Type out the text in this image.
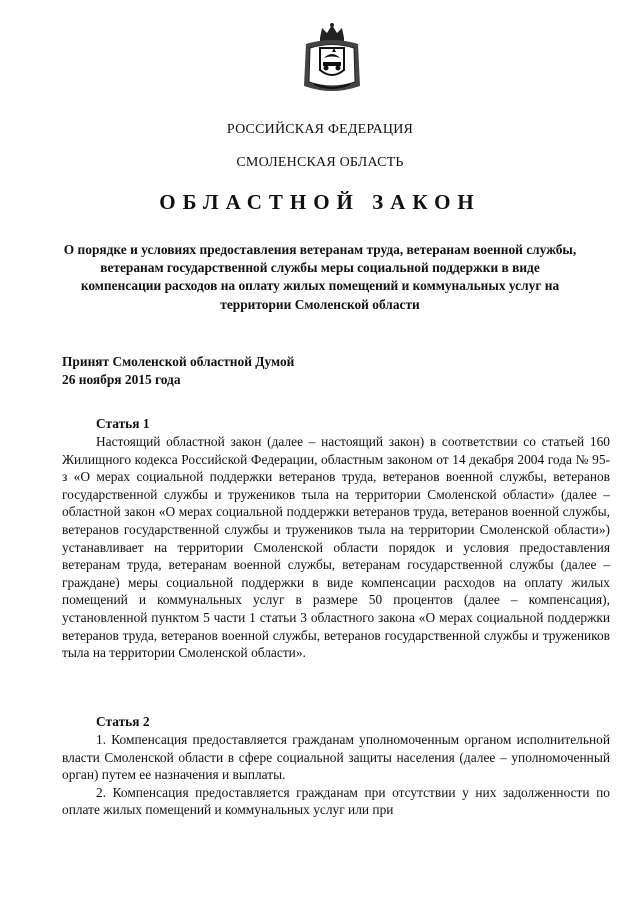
РОССИЙСКАЯ ФЕДЕРАЦИЯ
СМОЛЕНСКАЯ ОБЛАСТЬ
ОБЛАСТНОЙ ЗАКОН
О порядке и условиях предоставления ветеранам труда, ветеранам военной службы, ветеранам государственной службы меры социальной поддержки в виде компенсации расходов на оплату жилых помещений и коммунальных услуг на территории Смоленской области
Принят Смоленской областной Думой
26 ноября 2015 года
Статья 1

Настоящий областной закон (далее – настоящий закон) в соответствии со статьей 160 Жилищного кодекса Российской Федерации, областным законом от 14 декабря 2004 года № 95-з «О мерах социальной поддержки ветеранов труда, ветеранов военной службы, ветеранов государственной службы и тружеников тыла на территории Смоленской области» (далее – областной закон «О мерах социальной поддержки ветеранов труда, ветеранов военной службы, ветеранов государственной службы и тружеников тыла на территории Смоленской области») устанавливает на территории Смоленской области порядок и условия предоставления ветеранам труда, ветеранам военной службы, ветеранам государственной службы (далее – граждане) меры социальной поддержки в виде компенсации расходов на оплату жилых помещений и коммунальных услуг в размере 50 процентов (далее – компенсация), установленной пунктом 5 части 1 статьи 3 областного закона «О мерах социальной поддержки ветеранов труда, ветеранов военной службы, ветеранов государственной службы и тружеников тыла на территории Смоленской области».

Статья 2

1. Компенсация предоставляется гражданам уполномоченным органом исполнительной власти Смоленской области в сфере социальной защиты населения (далее – уполномоченный орган) путем ее назначения и выплаты.

2. Компенсация предоставляется гражданам при отсутствии у них задолженности по оплате жилых помещений и коммунальных услуг или при
